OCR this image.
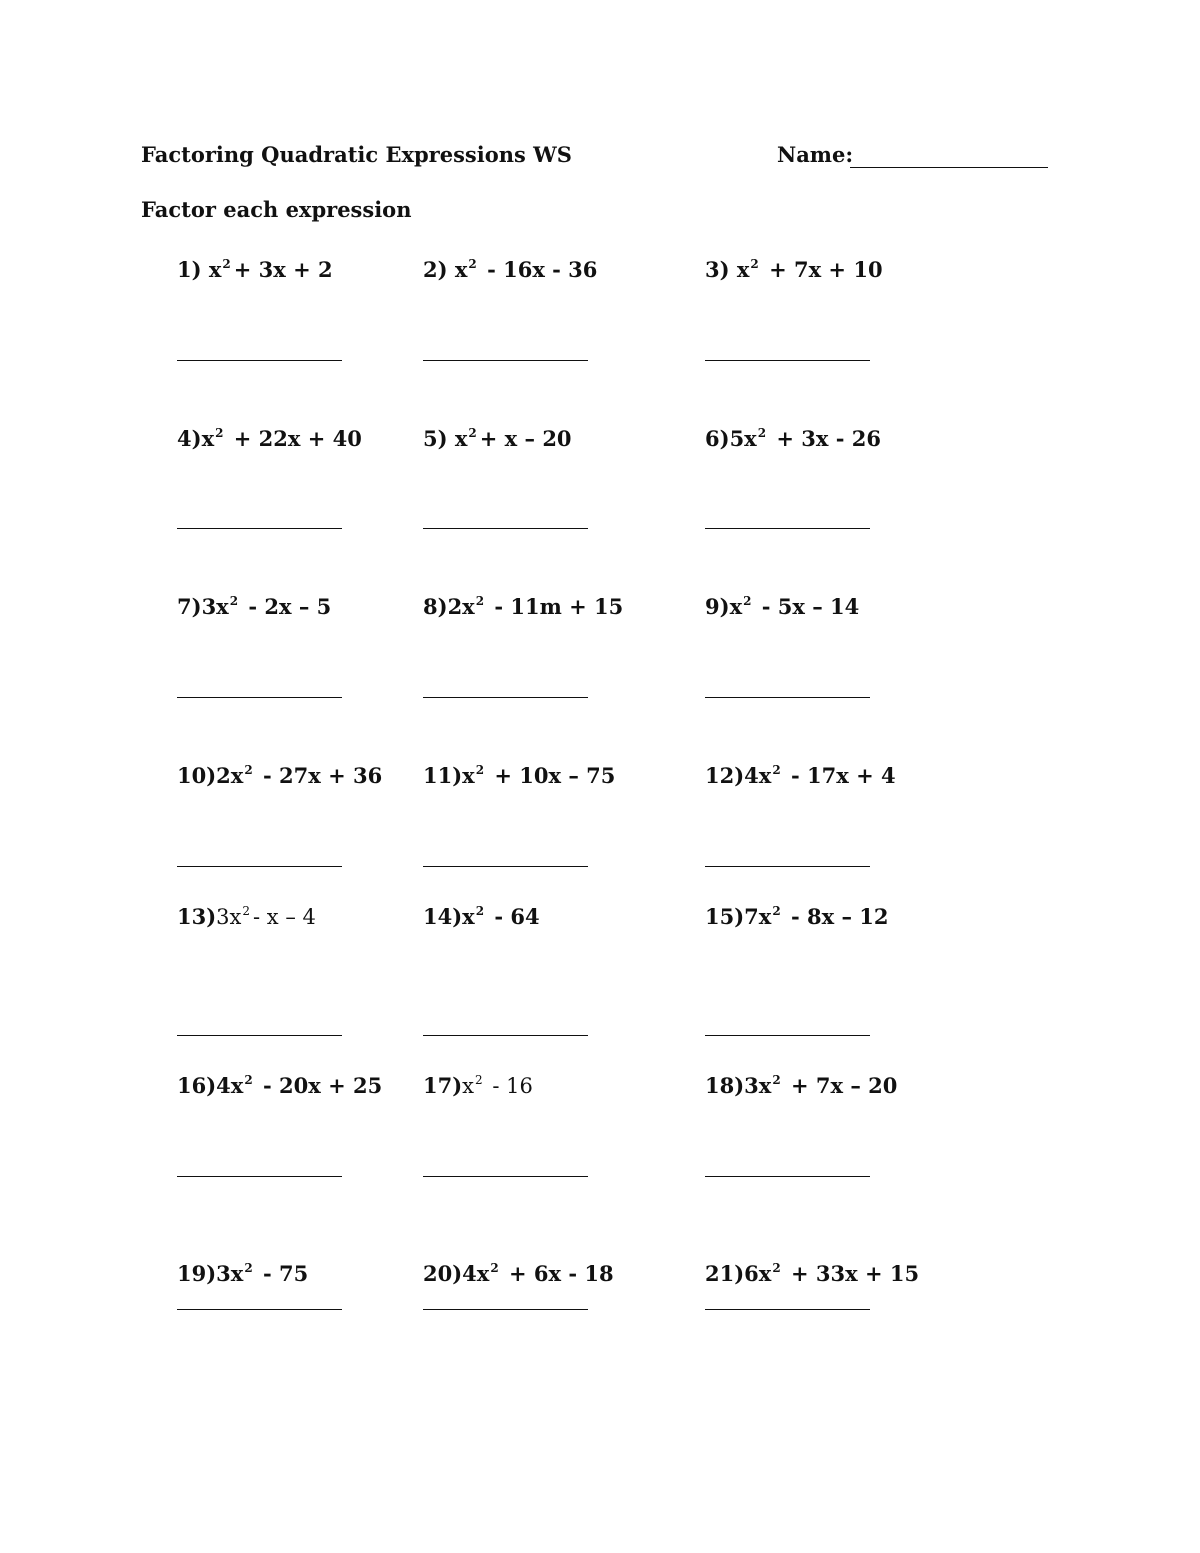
Factoring Quadratic Expressions WS	Name:
Factor each expression
1) $x^2 + 3x + 2$	2) $x^2 - 16x - 36$	3) $x^2 + 7x + 10$
$4)x^2 + 22x + 40$	5) $x^2 + x - 20$	$6)5x^2 + 3x - 26$
$7)3x^2 - 2x - 5$	$8)2x^2 - 11m + 15$	$9)x^2 - 5x - 14$
$10)2x^2 - 27x + 36$ $11)x^2 + 10x - 75$	$12)4x^2 - 17x + 4$
$13)3x^2$ - x – 4	$14)x^2 - 64$	$15)7x^2 - 8x - 12$
$16)4x^2 - 20x + 25$ $17)x^2 - 16$	$18)3x^2 + 7x - 20$
$19)3x^2 - 75$	$20)4x^2 + 6x - 18$	$21)6x^2 + 33x + 15$
